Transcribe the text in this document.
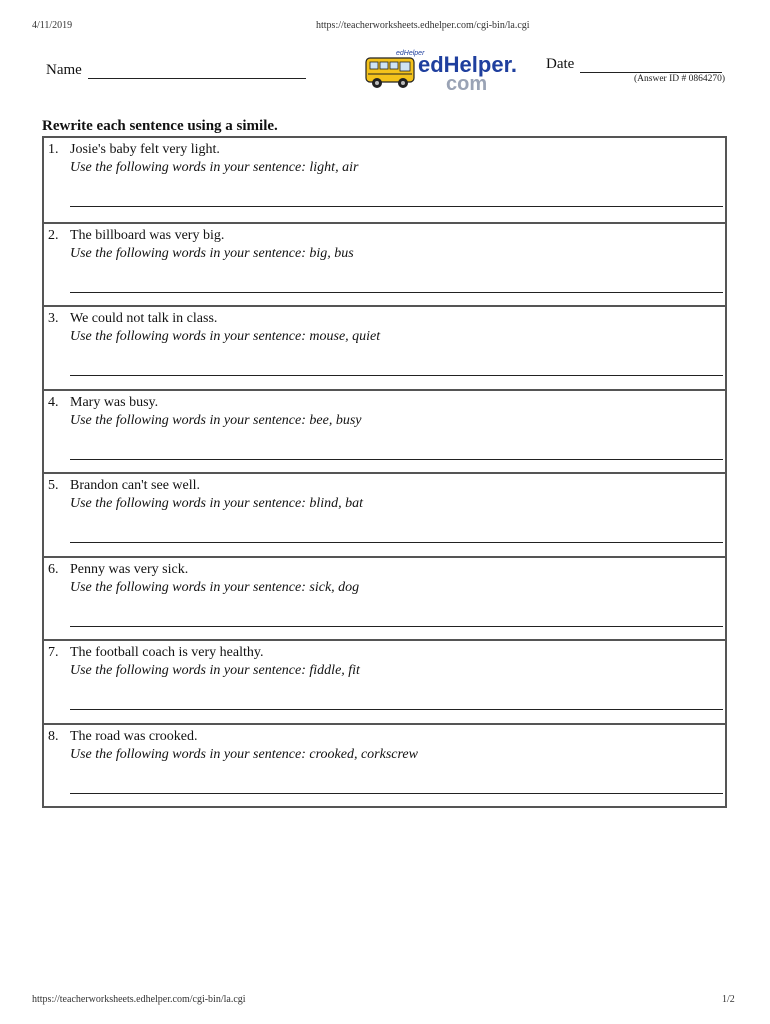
4/11/2019	https://teacherworksheets.edhelper.com/cgi-bin/la.cgi
Name
edHelper
edHelper.
com
Date
(Answer ID # 0864270)
Rewrite each sentence using a simile.
1. Josie's baby felt very light.
Use the following words in your sentence: light, air
2. The billboard was very big.
Use the following words in your sentence: big, bus
3. We could not talk in class.
Use the following words in your sentence: mouse, quiet
4. Mary was busy.
Use the following words in your sentence: bee, busy
5. Brandon can't see well.
Use the following words in your sentence: blind, bat
6. Penny was very sick.
Use the following words in your sentence: sick, dog
7. The football coach is very healthy.
Use the following words in your sentence: fiddle, fit
8. The road was crooked.
Use the following words in your sentence: crooked, corkscrew
https://teacherworksheets.edhelper.com/cgi-bin/la.cgi	1/2
